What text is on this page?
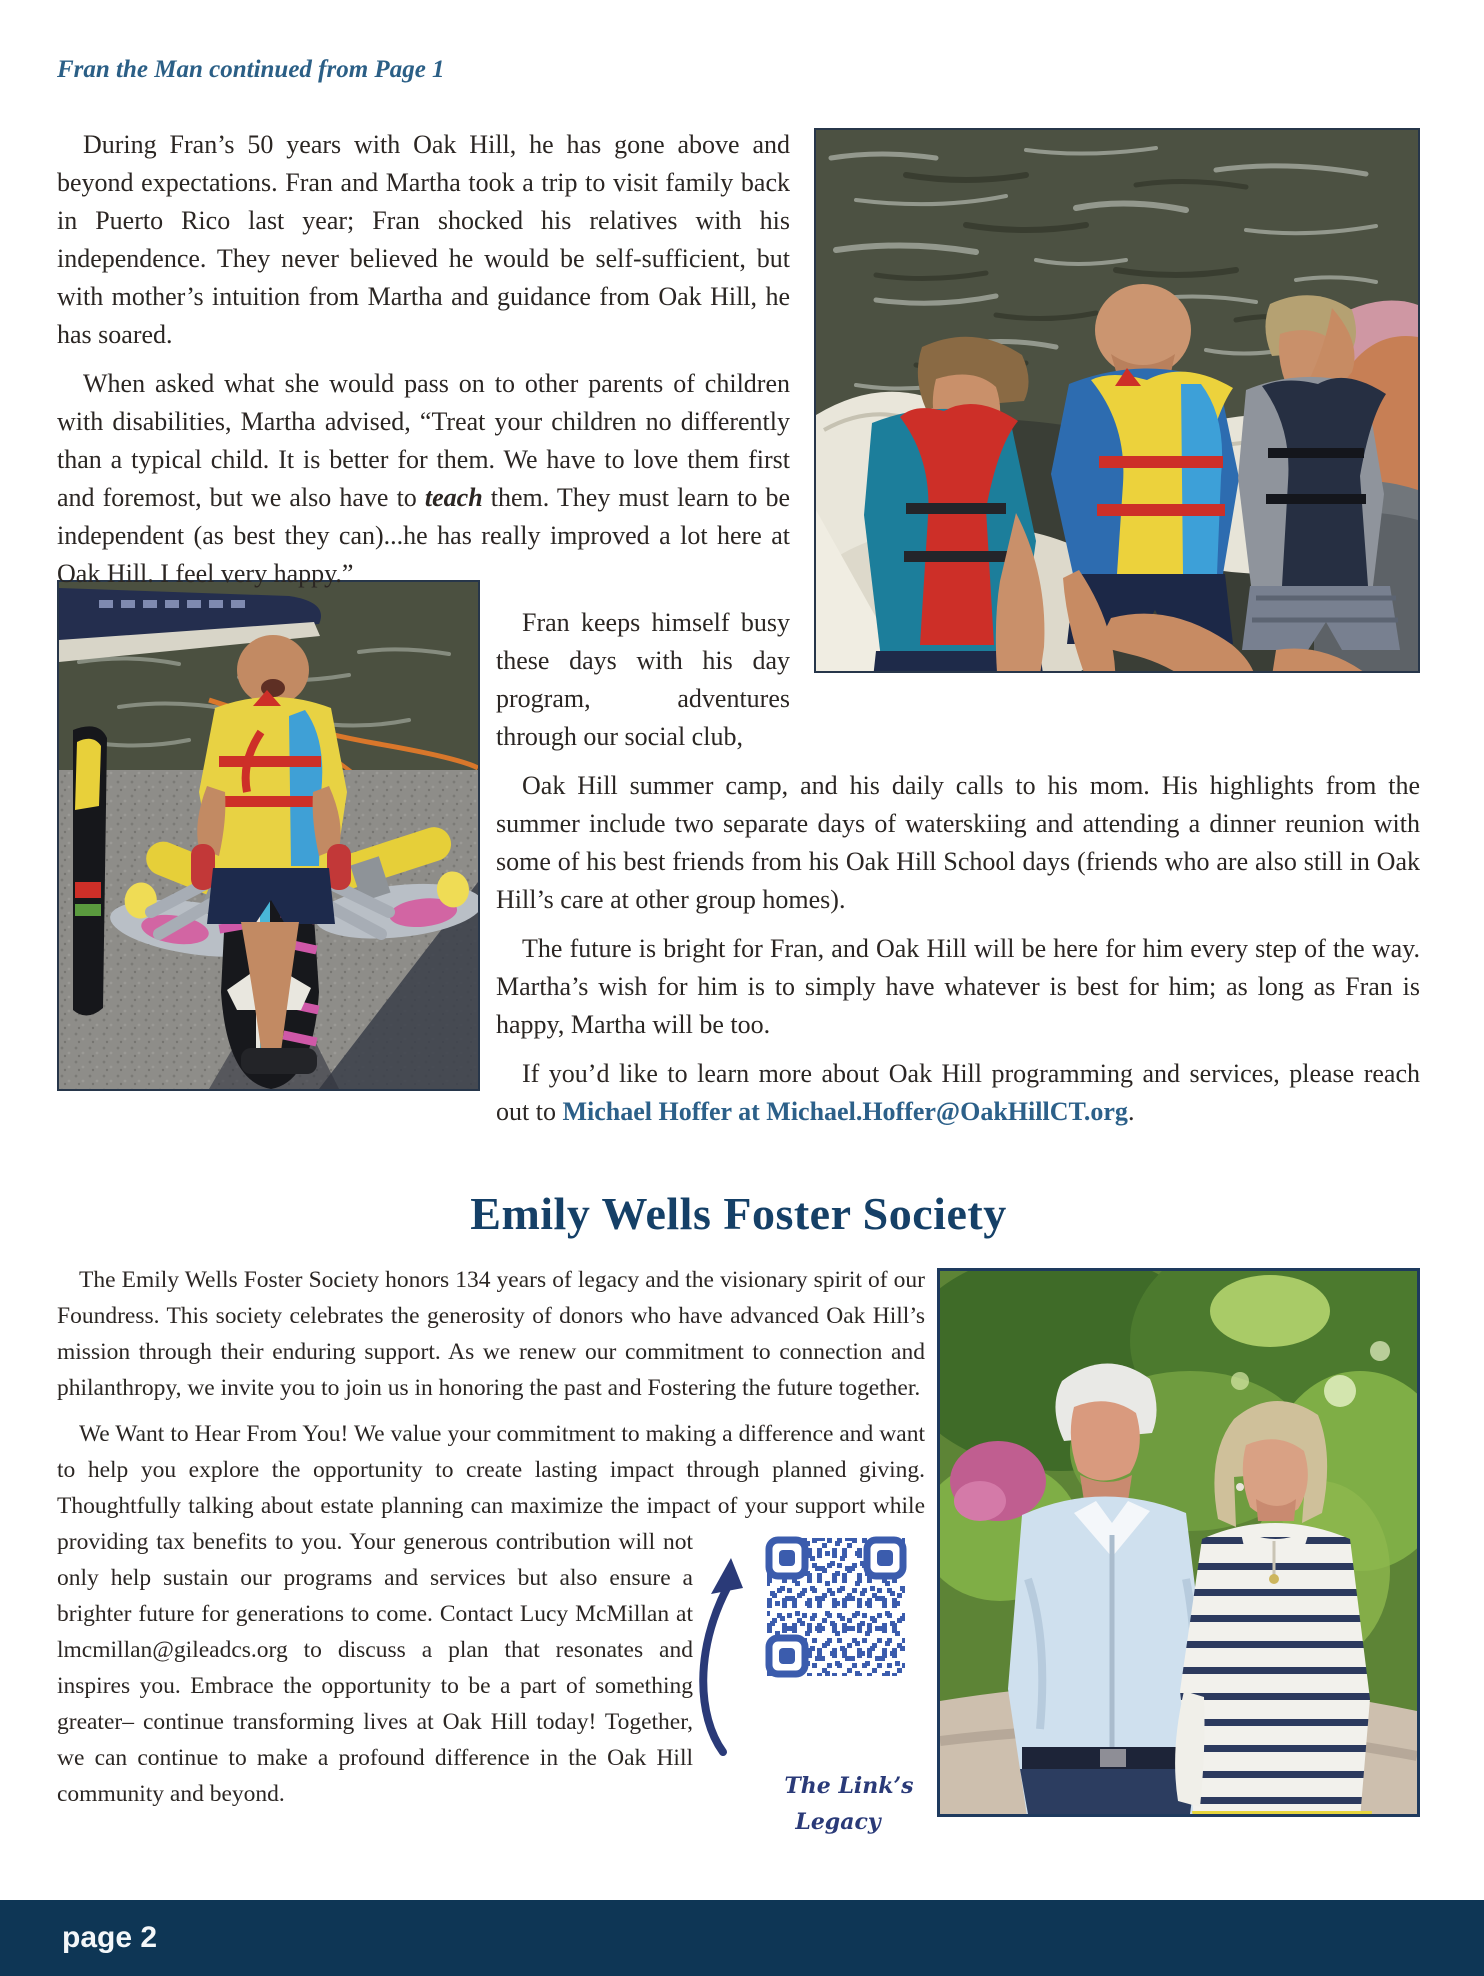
Fran the Man continued from Page 1

During Fran’s 50 years with Oak Hill, he has gone above and beyond expectations. Fran and Martha took a trip to visit family back in Puerto Rico last year; Fran shocked his relatives with his independence. They never believed he would be self-sufficient, but with mother’s intuition from Martha and guidance from Oak Hill, he has soared.

When asked what she would pass on to other parents of children with disabilities, Martha advised, “Treat your children no differently than a typical child. It is better for them. We have to love them first and foremost, but we also have to teach them. They must learn to be independent (as best they can)...he has really improved a lot here at Oak Hill. I feel very happy.”

Fran keeps himself busy these days with his day program, adventures through our social club,

Oak Hill summer camp, and his daily calls to his mom. His highlights from the summer include two separate days of waterskiing and attending a dinner reunion with some of his best friends from his Oak Hill School days (friends who are also still in Oak Hill’s care at other group homes).

The future is bright for Fran, and Oak Hill will be here for him every step of the way. Martha’s wish for him is to simply have whatever is best for him; as long as Fran is happy, Martha will be too.

If you’d like to learn more about Oak Hill programming and services, please reach out to Michael Hoffer at Michael.Hoffer@OakHillCT.org.

Emily Wells Foster Society

The Emily Wells Foster Society honors 134 years of legacy and the visionary spirit of our Foundress. This society celebrates the generosity of donors who have advanced Oak Hill’s mission through their enduring support. As we renew our commitment to connection and philanthropy, we invite you to join us in honoring the past and Fostering the future together.

We Want to Hear From You! We value your commitment to making a difference and want to help you explore the opportunity to create lasting impact through planned giving. Thoughtfully talking about estate planning can maximize the impact of your support while providing tax benefits to you. Your generous contribution
The Link’s Legacy
will not only help sustain our programs and services but also ensure a brighter future for generations to come. Contact Lucy McMillan at lmcmillan@gileadcs.org to discuss a plan that resonates and inspires you. Embrace the opportunity to be a part of something greater– continue transforming lives at Oak Hill today! Together, we can continue to make a profound difference in the Oak Hill community and beyond.

page 2
